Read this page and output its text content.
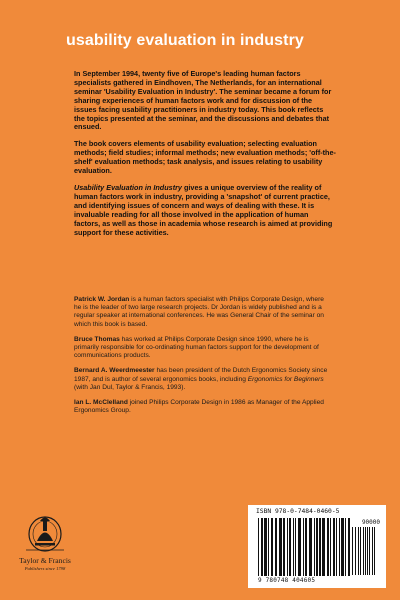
usability evaluation in industry

In September 1994, twenty five of Europe's leading human factors specialists gathered in Eindhoven, The Netherlands, for an international seminar 'Usability Evaluation in Industry'. The seminar became a forum for sharing experiences of human factors work and for discussion of the issues facing usability practitioners in industry today. This book reflects the topics presented at the seminar, and the discussions and debates that ensued.

The book covers elements of usability evaluation; selecting evaluation methods; field studies; informal methods; new evaluation methods; 'off-the-shelf' evaluation methods; task analysis, and issues relating to usability evaluation.

Usability Evaluation in Industry gives a unique overview of the reality of human factors work in industry, providing a 'snapshot' of current practice, and identifying issues of concern and ways of dealing with these. It is invaluable reading for all those involved in the application of human factors, as well as those in academia whose research is aimed at providing support for these activities.

Patrick W. Jordan is a human factors specialist with Philips Corporate Design, where he is the leader of two large research projects. Dr Jordan is widely published and is a regular speaker at international conferences. He was General Chair of the seminar on which this book is based.

Bruce Thomas has worked at Philips Corporate Design since 1990, where he is primarily responsible for co-ordinating human factors support for the development of communications products.

Bernard A. Weerdmeester has been president of the Dutch Ergonomics Society since 1987, and is author of several ergonomics books, including Ergonomics for Beginners (with Jan Dul, Taylor & Francis, 1993).

Ian L. McClelland joined Philips Corporate Design in 1986 as Manager of the Applied Ergonomics Group.

Taylor & Francis
Publishers since 1798
ISBN 978-0-7484-0460-5
90000
9 780748 404605
